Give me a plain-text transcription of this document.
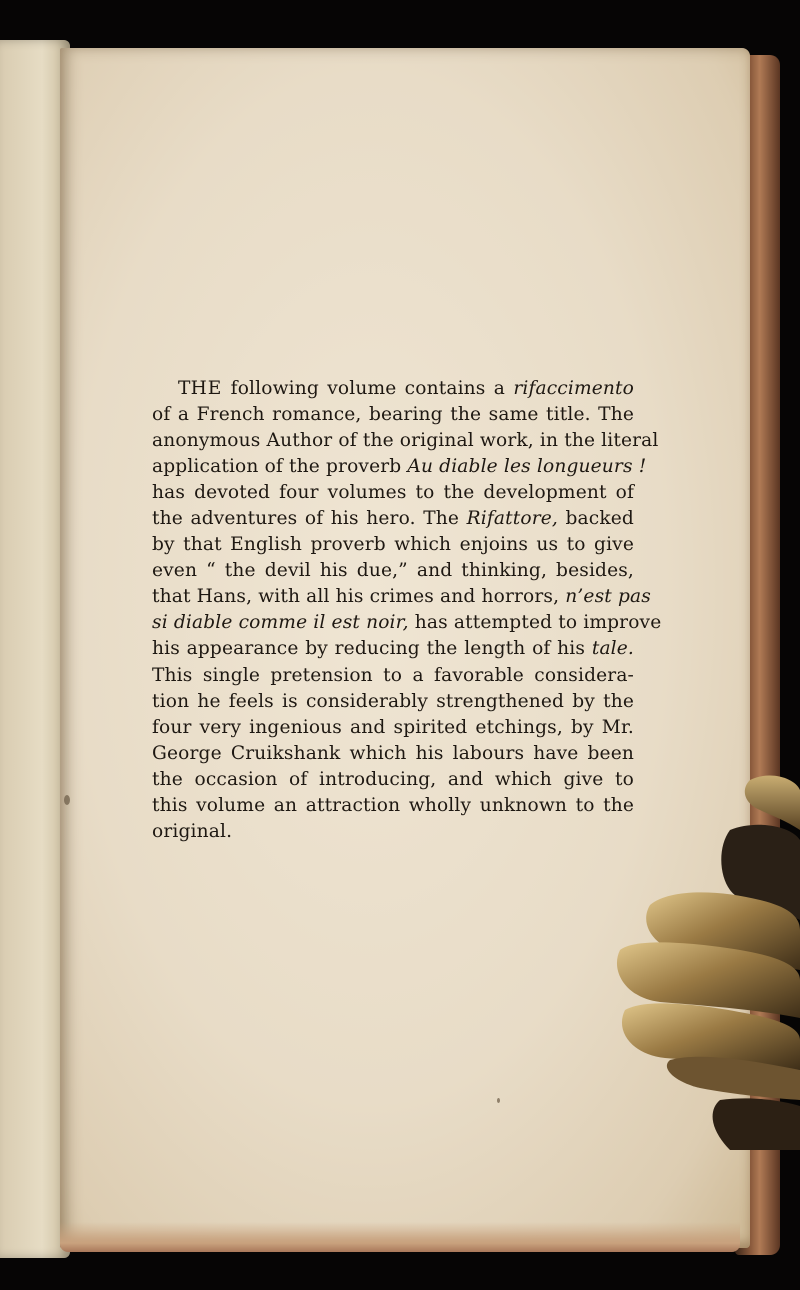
THE following volume contains a rifaccimento
of a French romance, bearing the same title. The
anonymous Author of the original work, in the literal
application of the proverb Au diable les longueurs !
has devoted four volumes to the development of
the adventures of his hero. The Rifattore, backed
by that English proverb which enjoins us to give
even “ the devil his due,” and thinking, besides,
that Hans, with all his crimes and horrors, n’est pas
si diable comme il est noir, has attempted to improve
his appearance by reducing the length of his tale.
This single pretension to a favorable considera-
tion he feels is considerably strengthened by the
four very ingenious and spirited etchings, by Mr.
George Cruikshank which his labours have been
the occasion of introducing, and which give to
this volume an attraction wholly unknown to the
original.
